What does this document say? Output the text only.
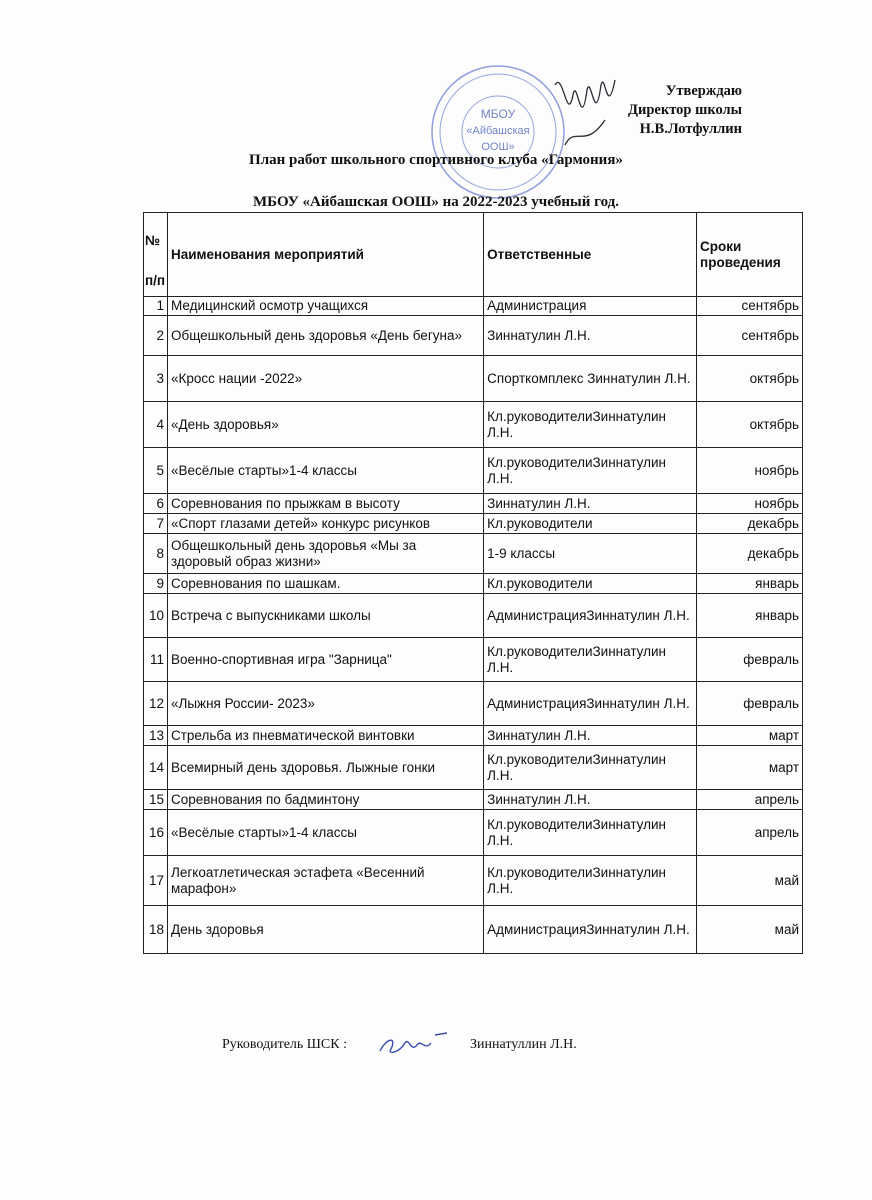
Утверждаю
Директор школы
Н.В.Лотфуллин
МБОУ
«Айбашская
ООШ»
План работ школьного спортивного клуба «Гармония»
МБОУ «Айбашская ООШ» на 2022-2023 учебный год.
№
п/п	Наименования мероприятий	Ответственные	Сроки проведения
1	Медицинский осмотр учащихся	Администрация	сентябрь
2	Общешкольный день здоровья «День бегуна»	Зиннатулин Л.Н.	сентябрь
3	«Кросс нации -2022»	Спорткомплекс Зиннатулин Л.Н.	октябрь
4	«День здоровья»	Кл.руководителиЗиннатулин Л.Н.	октябрь
5	«Весёлые старты»1-4 классы	Кл.руководителиЗиннатулин Л.Н.	ноябрь
6	Соревнования по прыжкам в высоту	Зиннатулин Л.Н.	ноябрь
7	«Спорт глазами детей» конкурс рисунков	Кл.руководители	декабрь
8	Общешкольный день здоровья «Мы за здоровый образ жизни»	1-9 классы	декабрь
9	Соревнования по шашкам.	Кл.руководители	январь
10	Встреча с выпускниками школы	АдминистрацияЗиннатулин Л.Н.	январь
11	Военно-спортивная игра "Зарница"	Кл.руководителиЗиннатулин Л.Н.	февраль
12	«Лыжня России- 2023»	АдминистрацияЗиннатулин Л.Н.	февраль
13	Стрельба из пневматической винтовки	Зиннатулин Л.Н.	март
14	Всемирный день здоровья. Лыжные гонки	Кл.руководителиЗиннатулин Л.Н.	март
15	Соревнования по бадминтону	Зиннатулин Л.Н.	апрель
16	«Весёлые старты»1-4 классы	Кл.руководителиЗиннатулин Л.Н.	апрель
17	Легкоатлетическая эстафета «Весенний марафон»	Кл.руководителиЗиннатулин Л.Н.	май
18	День здоровья	АдминистрацияЗиннатулин Л.Н.	май
Руководитель ШСК :	Зиннатуллин Л.Н.
